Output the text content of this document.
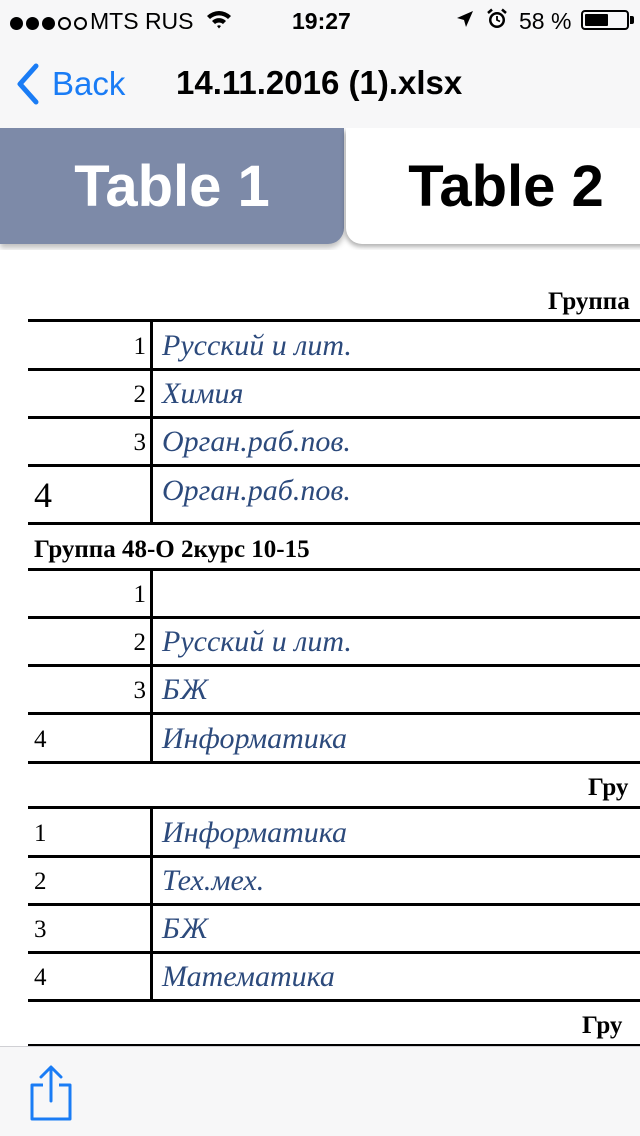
MTS RUS	19:27	58 %
Back 14.11.2016 (1).xlsx
Table 1	Table 2
Группа
1 Русский и лит.
2 Химия
3 Орган.раб.пов.
4	Орган.раб.пов.
Группа 48-О 2курс 10-15
1
2 Русский и лит.
3 БЖ
4	Информатика
Гру
1	Информатика
2	Тех.мех.
3	БЖ
4	Математика
Гру
